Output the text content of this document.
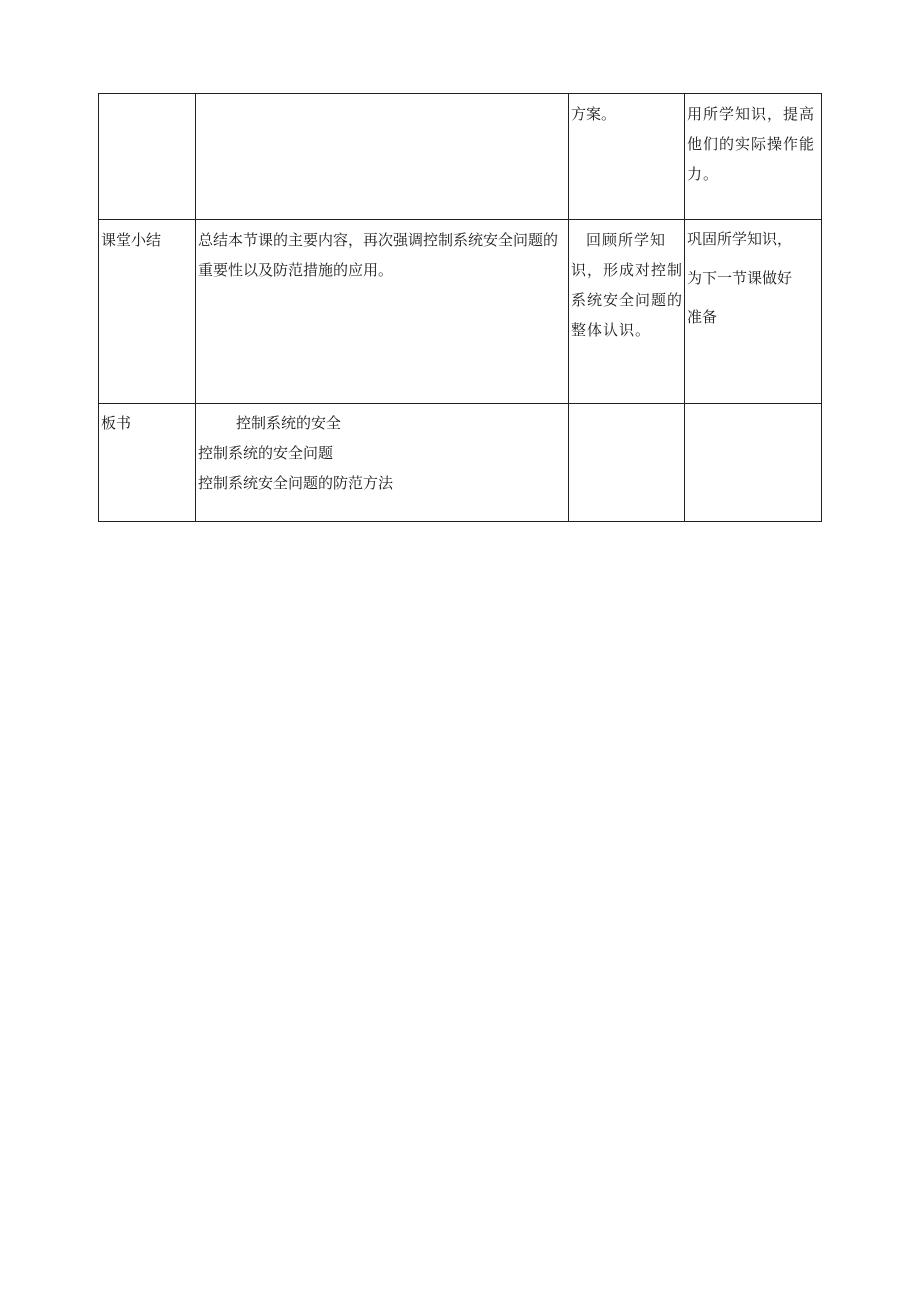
		方案。	用所学知识，提高他们的实际操作能力。

课堂小结	总结本节课的主要内容，再次强调控制系统安全问题的重要性以及防范措施的应用。	回顾所学知识，形成对控制系统安全问题的整体认识。	巩固所学知识，
为下一节课做好
准备

板书	控制系统的安全
控制系统的安全问题
控制系统安全问题的防范方法		
